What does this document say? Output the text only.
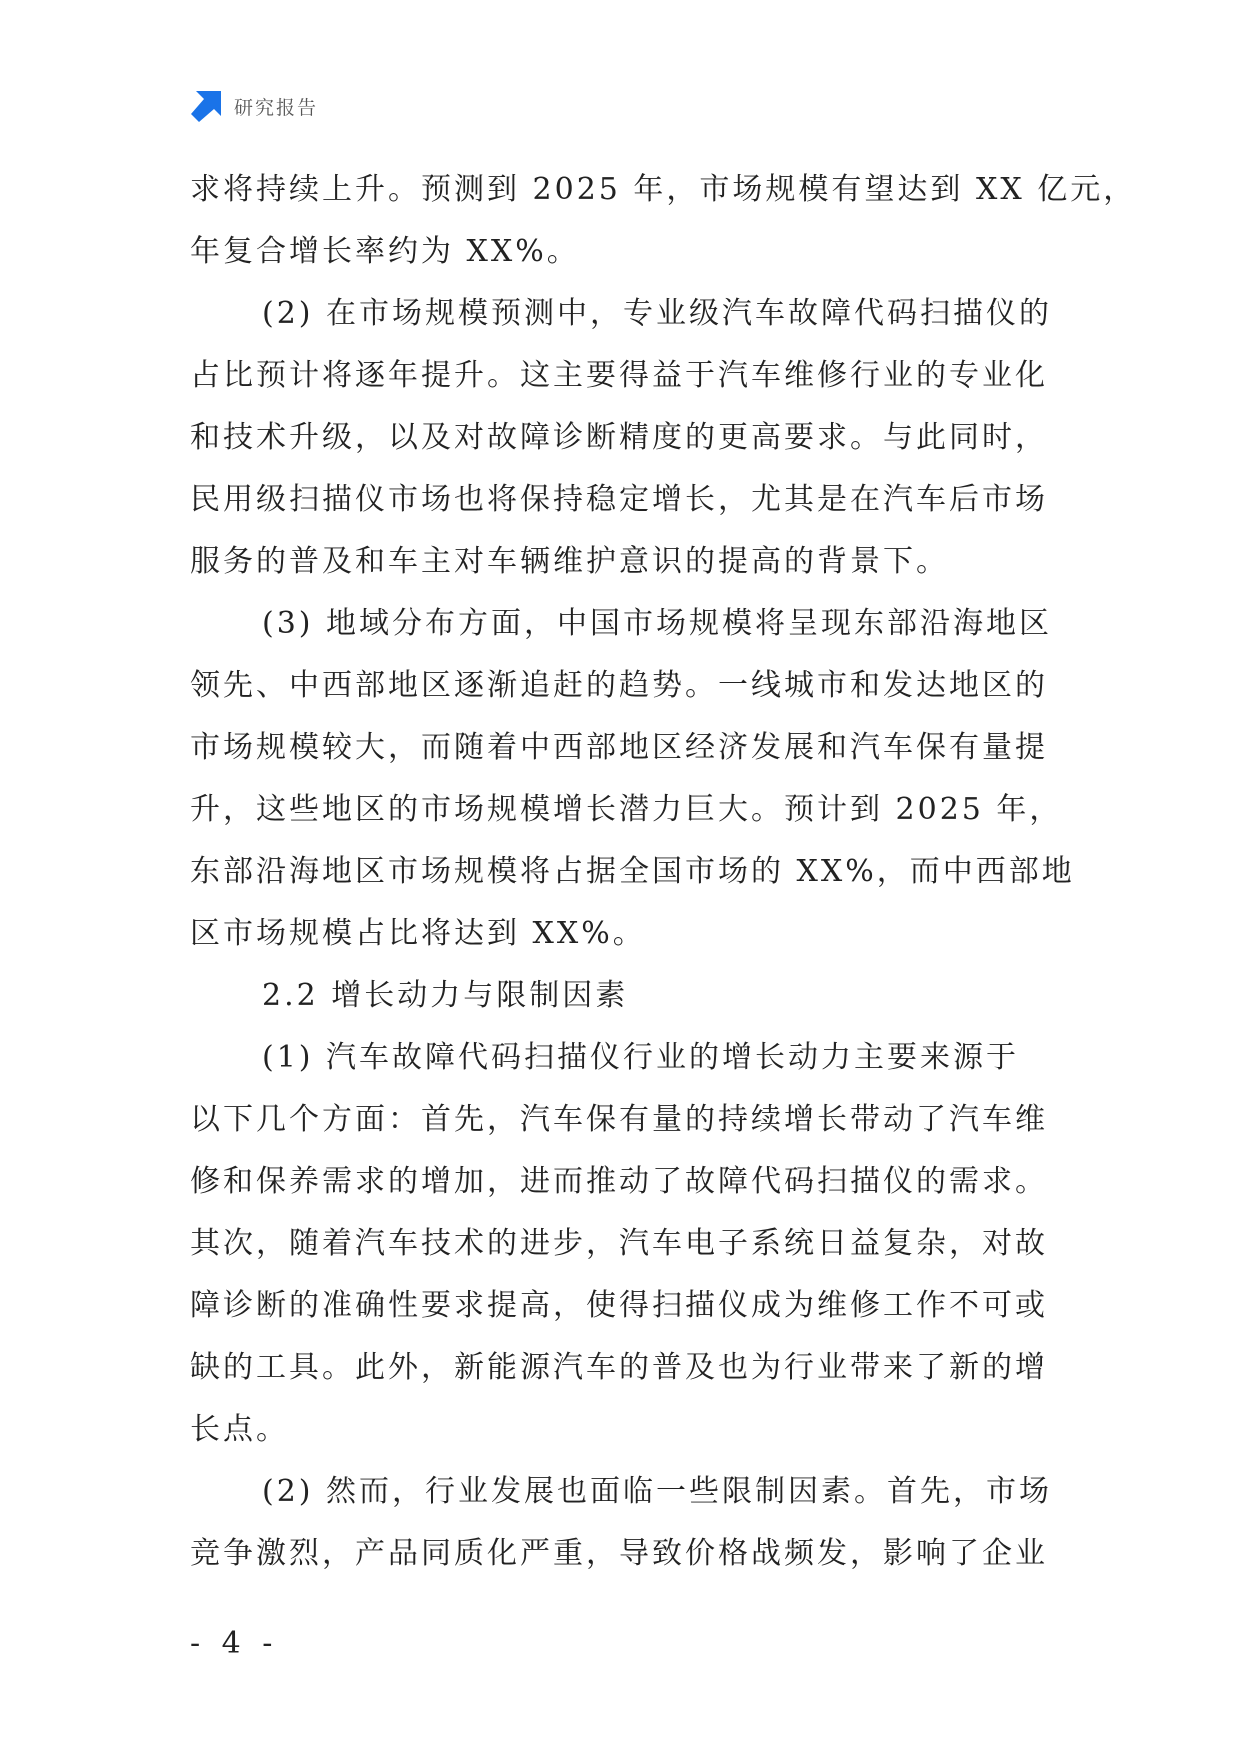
研究报告
求将持续上升。预测到 2025 年，市场规模有望达到 XX 亿元，
年复合增长率约为 XX%。
(2) 在市场规模预测中，专业级汽车故障代码扫描仪的
占比预计将逐年提升。这主要得益于汽车维修行业的专业化
和技术升级，以及对故障诊断精度的更高要求。与此同时，
民用级扫描仪市场也将保持稳定增长，尤其是在汽车后市场
服务的普及和车主对车辆维护意识的提高的背景下。
(3) 地域分布方面，中国市场规模将呈现东部沿海地区
领先、中西部地区逐渐追赶的趋势。一线城市和发达地区的
市场规模较大，而随着中西部地区经济发展和汽车保有量提
升，这些地区的市场规模增长潜力巨大。预计到 2025 年，
东部沿海地区市场规模将占据全国市场的 XX%，而中西部地
区市场规模占比将达到 XX%。
2.2 增长动力与限制因素
(1) 汽车故障代码扫描仪行业的增长动力主要来源于
以下几个方面：首先，汽车保有量的持续增长带动了汽车维
修和保养需求的增加，进而推动了故障代码扫描仪的需求。
其次，随着汽车技术的进步，汽车电子系统日益复杂，对故
障诊断的准确性要求提高，使得扫描仪成为维修工作不可或
缺的工具。此外，新能源汽车的普及也为行业带来了新的增
长点。
(2) 然而，行业发展也面临一些限制因素。首先，市场
竞争激烈，产品同质化严重，导致价格战频发，影响了企业
- 4 -
